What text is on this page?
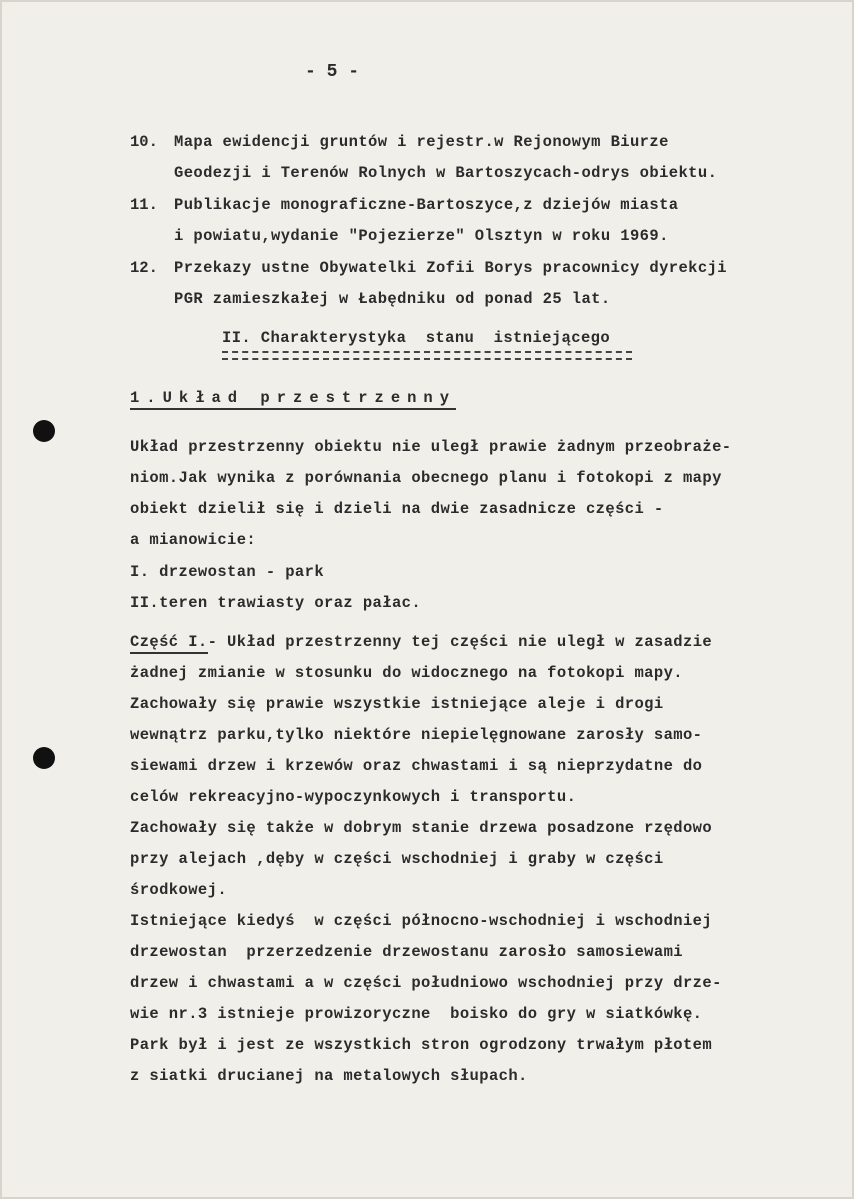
- 5 -
10. Mapa ewidencji gruntów i rejestr.w Rejonowym Biurze
Geodezji i Terenów Rolnych w Bartoszycach-odrys obiektu.
11. Publikacje monograficzne-Bartoszyce,z dziejów miasta
i powiatu,wydanie "Pojezierze" Olsztyn w roku 1969.
12. Przekazy ustne Obywatelki Zofii Borys pracownicy dyrekcji
PGR zamieszkałej w Łabędniku od ponad 25 lat.
II. Charakterystyka  stanu  istniejącego
1.Układ przestrzenny
Układ przestrzenny obiektu nie uległ prawie żadnym przeobraże-
niom.Jak wynika z porównania obecnego planu i fotokopi z mapy
obiekt dzielił się i dzieli na dwie zasadnicze części -
a mianowicie:
I. drzewostan - park
II.teren trawiasty oraz pałac.
Część I.- Układ przestrzenny tej części nie uległ w zasadzie
żadnej zmianie w stosunku do widocznego na fotokopi mapy.
Zachowały się prawie wszystkie istniejące aleje i drogi
wewnątrz parku,tylko niektóre niepielęgnowane zarosły samo-
siewami drzew i krzewów oraz chwastami i są nieprzydatne do
celów rekreacyjno-wypoczynkowych i transportu.
Zachowały się także w dobrym stanie drzewa posadzone rzędowo
przy alejach ,dęby w części wschodniej i graby w części
środkowej.
Istniejące kiedyś  w części północno-wschodniej i wschodniej
drzewostan  przerzedzenie drzewostanu zarosło samosiewami
drzew i chwastami a w części południowo wschodniej przy drze-
wie nr.3 istnieje prowizoryczne  boisko do gry w siatkówkę.
Park był i jest ze wszystkich stron ogrodzony trwałym płotem
z siatki drucianej na metalowych słupach.
